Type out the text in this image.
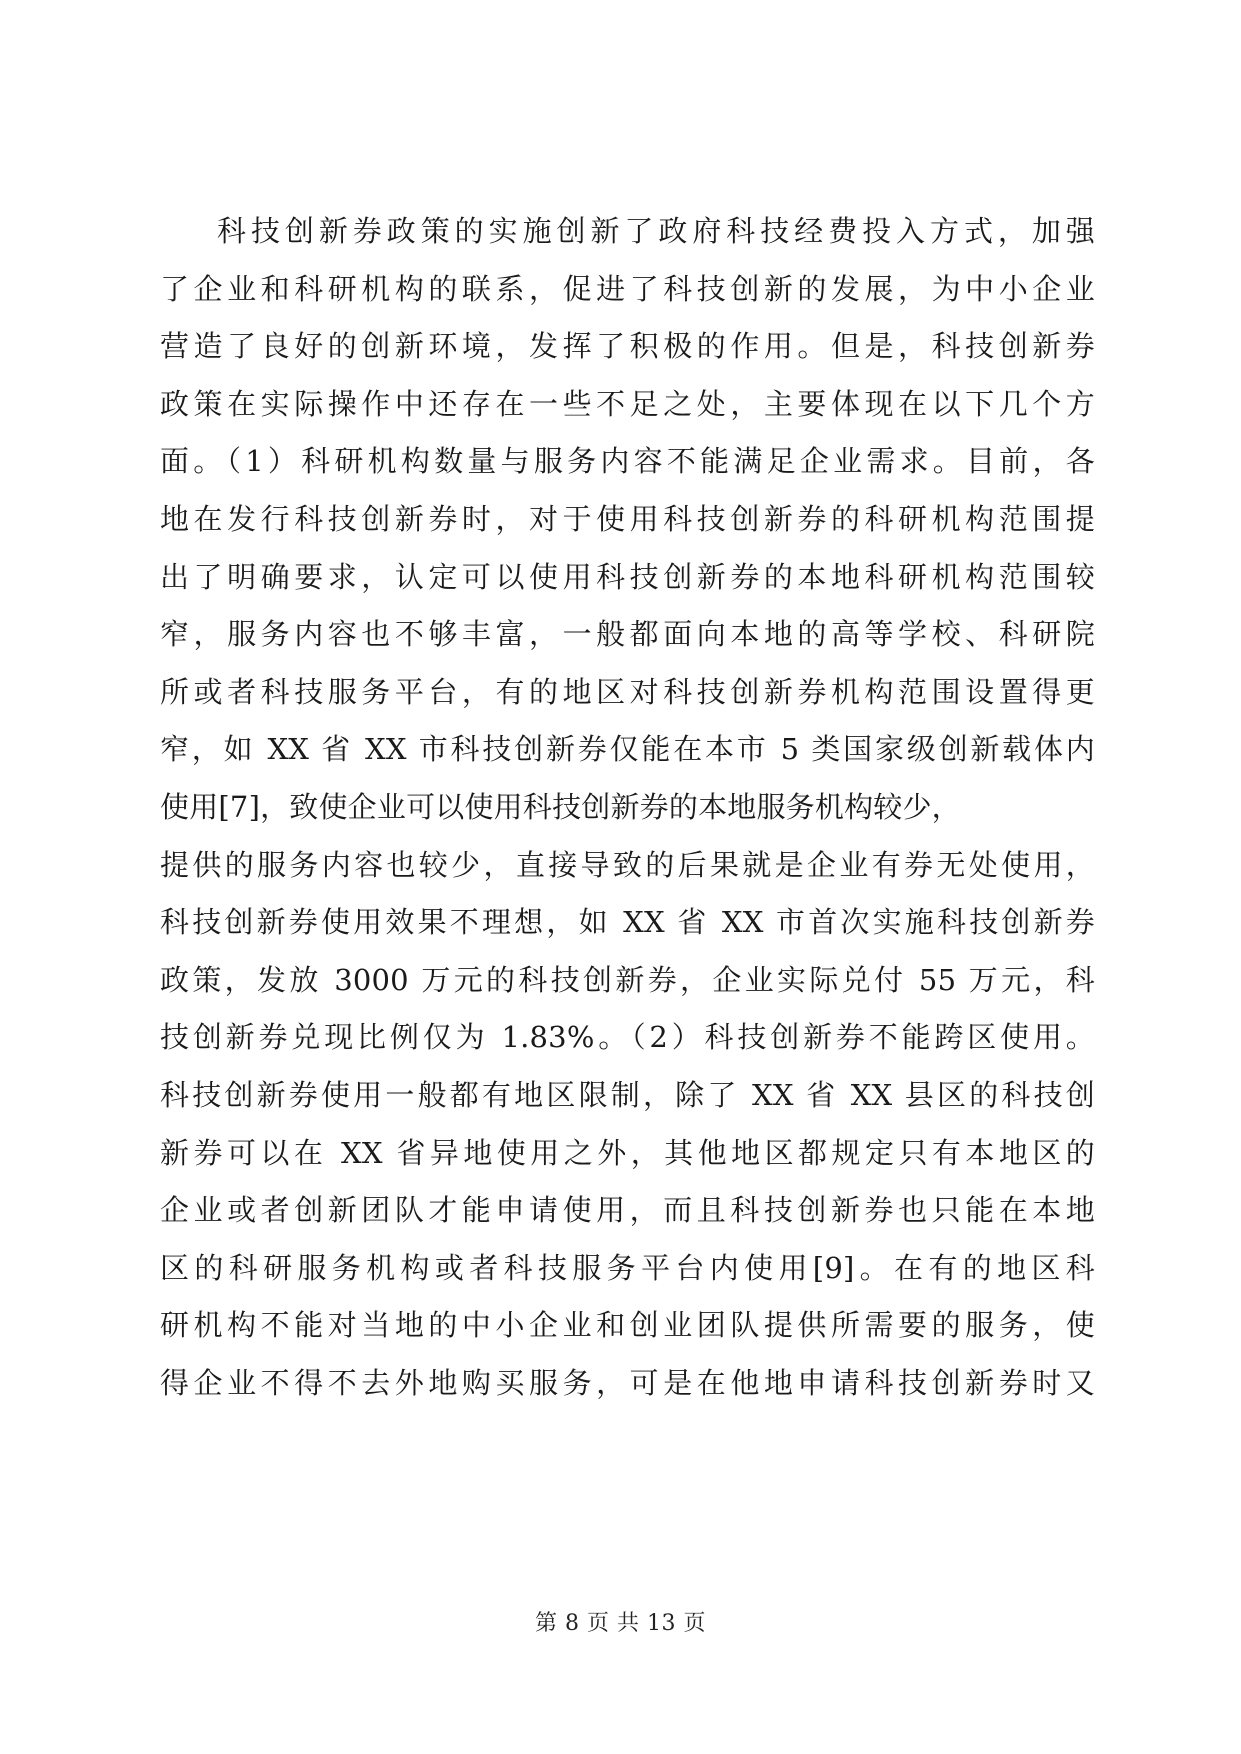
科技创新券政策的实施创新了政府科技经费投入方式，加强
了企业和科研机构的联系，促进了科技创新的发展，为中小企业
营造了良好的创新环境，发挥了积极的作用。但是，科技创新券
政策在实际操作中还存在一些不足之处，主要体现在以下几个方
面。（1）科研机构数量与服务内容不能满足企业需求。目前，各
地在发行科技创新券时，对于使用科技创新券的科研机构范围提
出了明确要求，认定可以使用科技创新券的本地科研机构范围较
窄，服务内容也不够丰富，一般都面向本地的高等学校、科研院
所或者科技服务平台，有的地区对科技创新券机构范围设置得更
窄，如 XX 省 XX 市科技创新券仅能在本市 5 类国家级创新载体内
使用[7]，致使企业可以使用科技创新券的本地服务机构较少，
提供的服务内容也较少，直接导致的后果就是企业有券无处使用，
科技创新券使用效果不理想，如 XX 省 XX 市首次实施科技创新券
政策，发放 3000 万元的科技创新券，企业实际兑付 55 万元，科
技创新券兑现比例仅为 1.83%。（2）科技创新券不能跨区使用。
科技创新券使用一般都有地区限制，除了 XX 省 XX 县区的科技创
新券可以在 XX 省异地使用之外，其他地区都规定只有本地区的
企业或者创新团队才能申请使用，而且科技创新券也只能在本地
区的科研服务机构或者科技服务平台内使用[9]。在有的地区科
研机构不能对当地的中小企业和创业团队提供所需要的服务，使
得企业不得不去外地购买服务，可是在他地申请科技创新券时又
第 8 页 共 13 页
